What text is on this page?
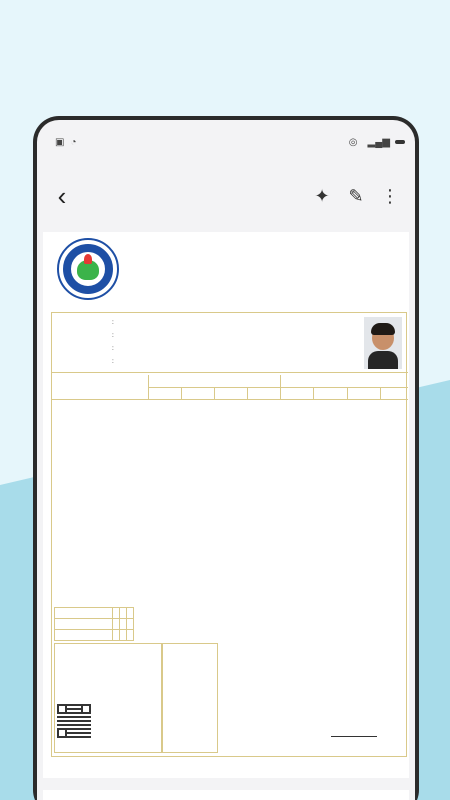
▣ ◔	◎ ▂▄▆
‹	✦	✎ ⋮
:
:
:
:
